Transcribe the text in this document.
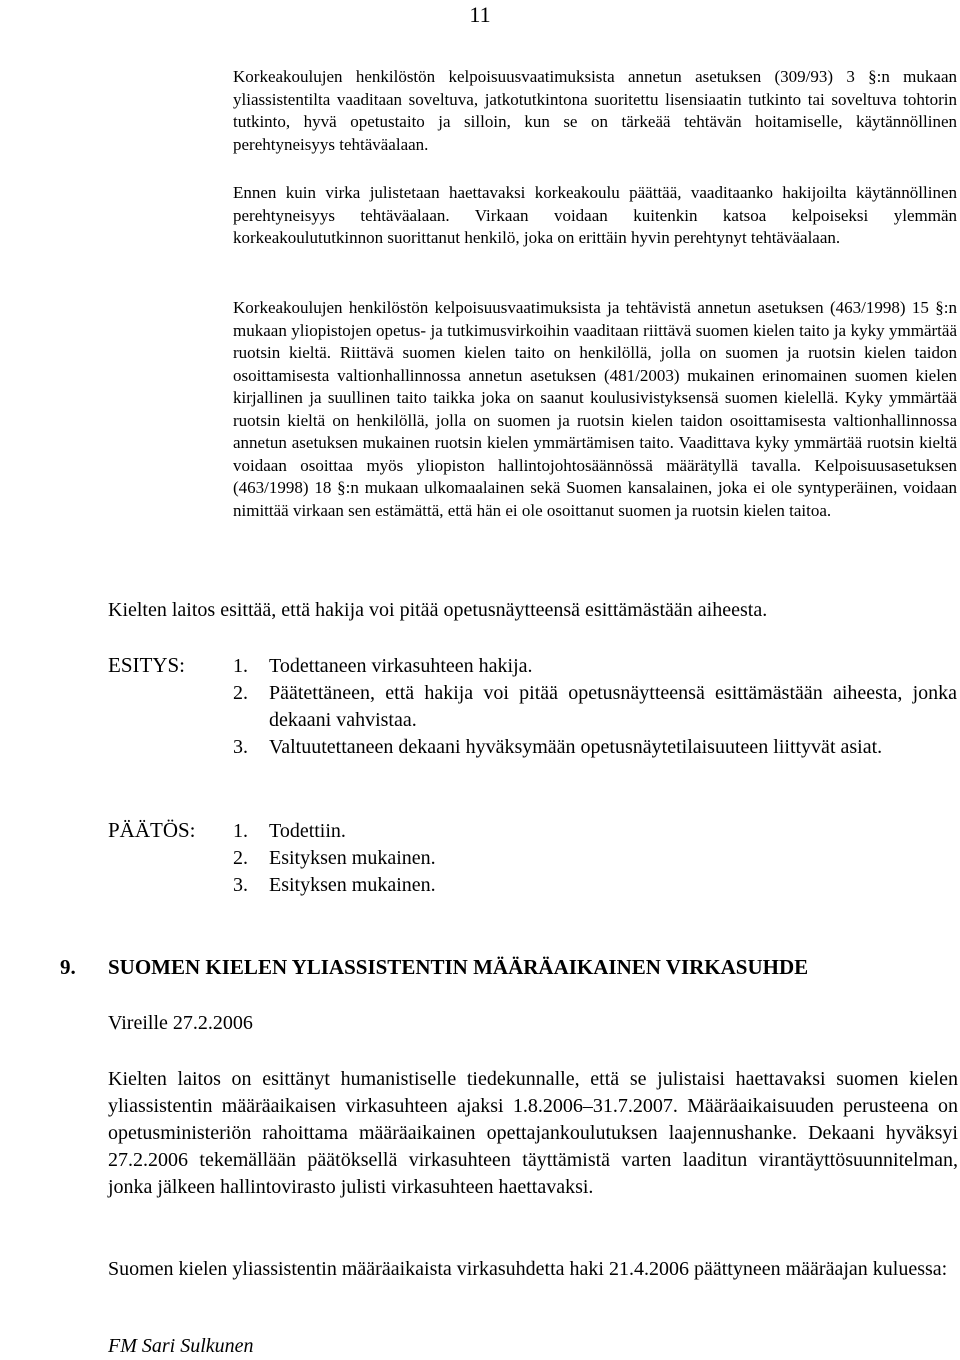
11

Korkeakoulujen henkilöstön kelpoisuusvaatimuksista annetun asetuksen (309/93) 3 §:n mukaan yliassistentilta vaaditaan soveltuva, jatkotutkintona suoritettu lisensiaatin tutkinto tai soveltuva tohtorin tutkinto, hyvä opetustaito ja silloin, kun se on tärkeää tehtävän hoitamiselle, käytännöllinen perehtyneisyys tehtäväalaan.

Ennen kuin virka julistetaan haettavaksi korkeakoulu päättää, vaaditaanko hakijoilta käytännöllinen perehtyneisyys tehtäväalaan. Virkaan voidaan kuitenkin katsoa kelpoiseksi ylemmän korkeakoulututkinnon suorittanut henkilö, joka on erittäin hyvin perehtynyt tehtäväalaan.

Korkeakoulujen henkilöstön kelpoisuusvaatimuksista ja tehtävistä annetun asetuksen (463/1998) 15 §:n mukaan yliopistojen opetus- ja tutkimusvirkoihin vaaditaan riittävä suomen kielen taito ja kyky ymmärtää ruotsin kieltä. Riittävä suomen kielen taito on henkilöllä, jolla on suomen ja ruotsin kielen taidon osoittamisesta valtionhallinnossa annetun asetuksen (481/2003) mukainen erinomainen suomen kielen kirjallinen ja suullinen taito taikka joka on saanut koulusivistyksensä suomen kielellä. Kyky ymmärtää ruotsin kieltä on henkilöllä, jolla on suomen ja ruotsin kielen taidon osoittamisesta valtionhallinnossa annetun asetuksen mukainen ruotsin kielen ymmärtämisen taito. Vaadittava kyky ymmärtää ruotsin kieltä voidaan osoittaa myös yliopiston hallintojohtosäännössä määrätyllä tavalla. Kelpoisuusasetuksen (463/1998) 18 §:n mukaan ulkomaalainen sekä Suomen kansalainen, joka ei ole syntyperäinen, voidaan nimittää virkaan sen estämättä, että hän ei ole osoittanut suomen ja ruotsin kielen taitoa.

Kielten laitos esittää, että hakija voi pitää opetusnäytteensä esittämästään aiheesta.

ESITYS: 1.	Todettaneen virkasuhteen hakija.
2.	Päätettäneen, että hakija voi pitää opetusnäytteensä esittämästään aiheesta, jonka dekaani vahvistaa.
3.	Valtuutettaneen dekaani hyväksymään opetusnäytetilaisuuteen liittyvät asiat.
PÄÄTÖS: 1.	Todettiin.
2.	Esityksen mukainen.
3.	Esityksen mukainen.
9.	SUOMEN KIELEN YLIASSISTENTIN MÄÄRÄAIKAINEN VIRKASUHDE
Vireille 27.2.2006

Kielten laitos on esittänyt humanistiselle tiedekunnalle, että se julistaisi haettavaksi suomen kielen yliassistentin määräaikaisen virkasuhteen ajaksi 1.8.2006–31.7.2007. Määräaikaisuuden perusteena on opetusministeriön rahoittama määräaikainen opettajankoulutuksen laajennushanke. Dekaani hyväksyi 27.2.2006 tekemällään päätöksellä virkasuhteen täyttämistä varten laaditun virantäyttösuunnitelman, jonka jälkeen hallintovirasto julisti virkasuhteen haettavaksi.

Suomen kielen yliassistentin määräaikaista virkasuhdetta haki 21.4.2006 päättyneen määräajan kuluessa:

FM Sari Sulkunen
